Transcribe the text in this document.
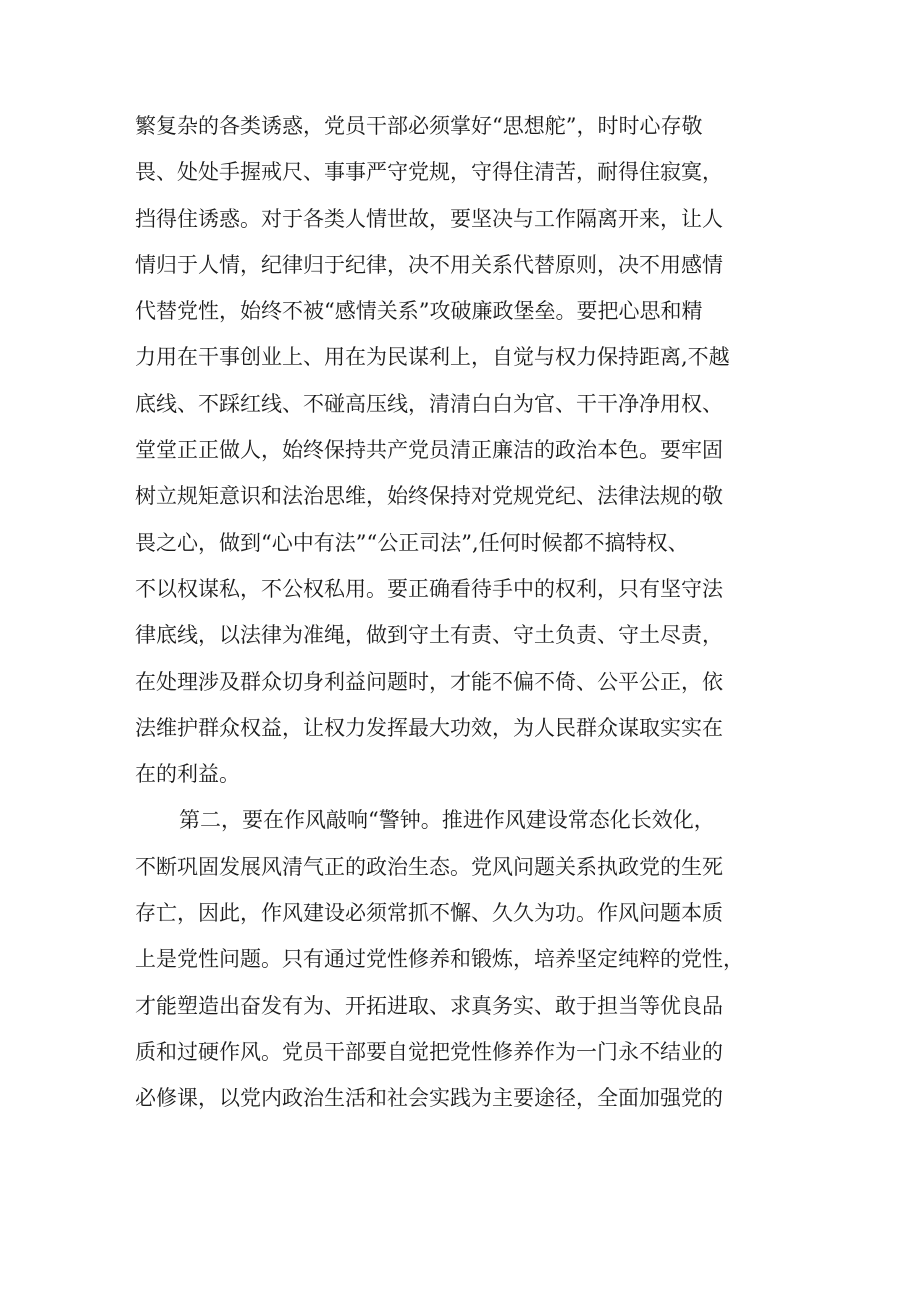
繁复杂的各类诱惑，党员干部必须掌好“思想舵”，时时心存敬
畏、处处手握戒尺、事事严守党规，守得住清苦，耐得住寂寞，
挡得住诱惑。对于各类人情世故，要坚决与工作隔离开来，让人
情归于人情，纪律归于纪律，决不用关系代替原则，决不用感情
代替党性，始终不被“感情关系”攻破廉政堡垒。要把心思和精
力用在干事创业上、用在为民谋利上，自觉与权力保持距离,不越
底线、不踩红线、不碰高压线，清清白白为官、干干净净用权、
堂堂正正做人，始终保持共产党员清正廉洁的政治本色。要牢固
树立规矩意识和法治思维，始终保持对党规党纪、法律法规的敬
畏之心，做到“心中有法”“公正司法”,任何时候都不搞特权、
不以权谋私，不公权私用。要正确看待手中的权利，只有坚守法
律底线，以法律为准绳，做到守土有责、守土负责、守土尽责，
在处理涉及群众切身利益问题时，才能不偏不倚、公平公正，依
法维护群众权益，让权力发挥最大功效，为人民群众谋取实实在
在的利益。
第二，要在作风敲响“警钟。推进作风建设常态化长效化，
不断巩固发展风清气正的政治生态。党风问题关系执政党的生死
存亡，因此，作风建设必须常抓不懈、久久为功。作风问题本质
上是党性问题。只有通过党性修养和锻炼，培养坚定纯粹的党性，
才能塑造出奋发有为、开拓进取、求真务实、敢于担当等优良品
质和过硬作风。党员干部要自觉把党性修养作为一门永不结业的
必修课，以党内政治生活和社会实践为主要途径，全面加强党的
